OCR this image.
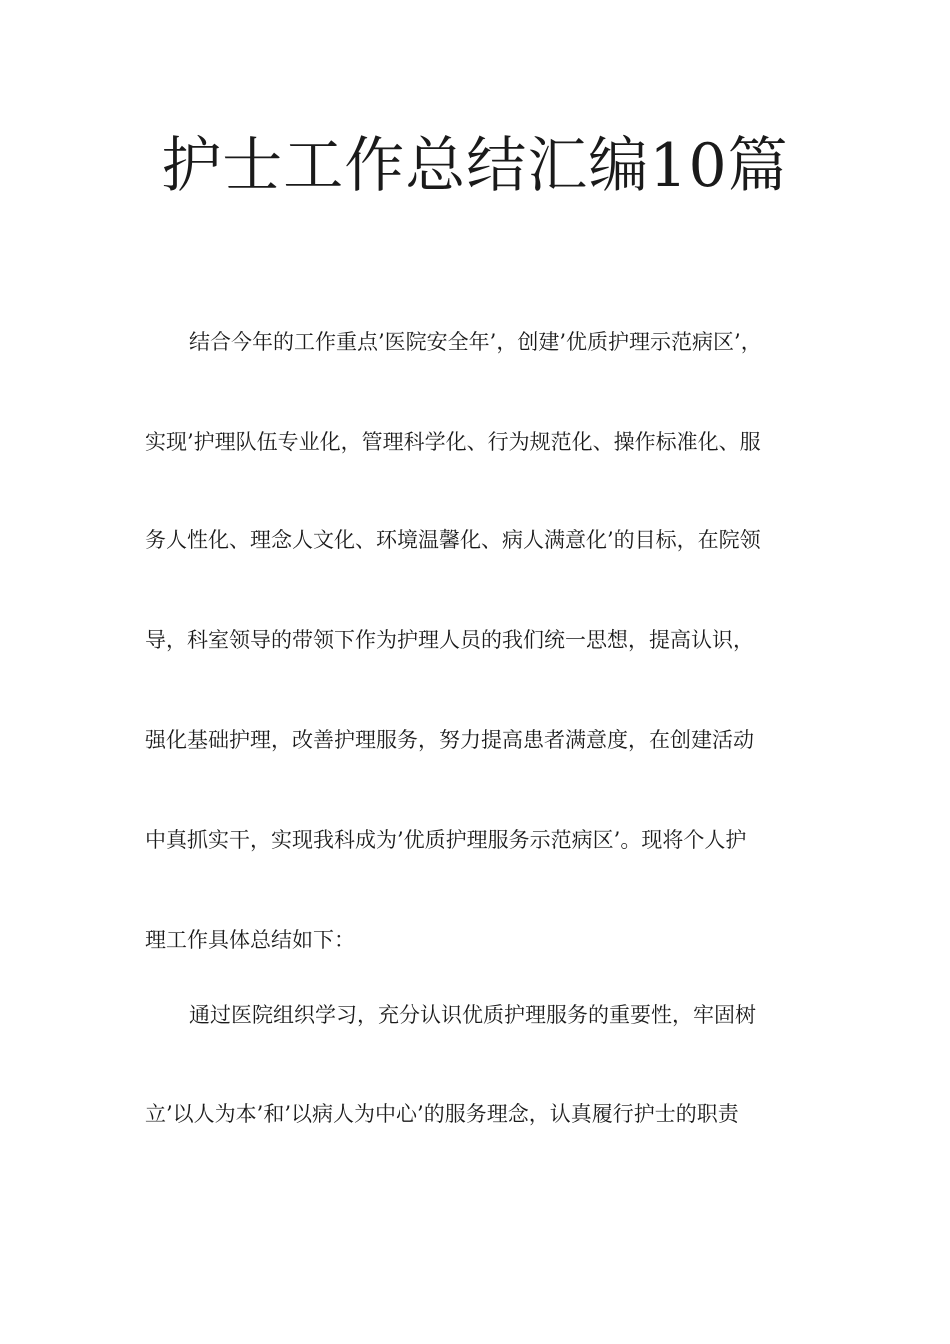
护士工作总结汇编10篇
结合今年的工作重点’医院安全年’，创建’优质护理示范病区’，
实现’护理队伍专业化，管理科学化、行为规范化、操作标准化、服
务人性化、理念人文化、环境温馨化、病人满意化’的目标，在院领
导，科室领导的带领下作为护理人员的我们统一思想，提高认识，
强化基础护理，改善护理服务，努力提高患者满意度，在创建活动
中真抓实干，实现我科成为’优质护理服务示范病区’。现将个人护
理工作具体总结如下：
通过医院组织学习，充分认识优质护理服务的重要性，牢固树
立’以人为本’和’以病人为中心’的服务理念，认真履行护士的职责
